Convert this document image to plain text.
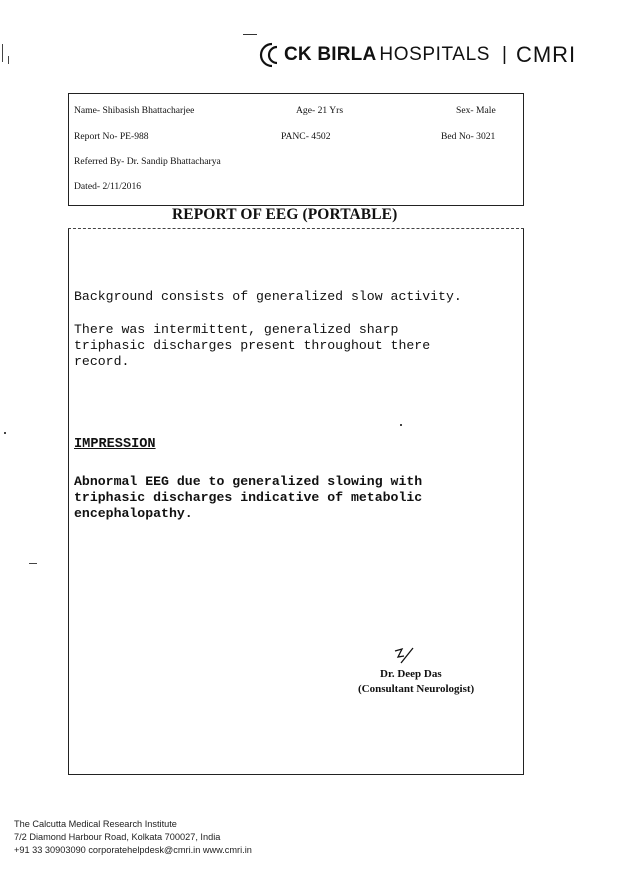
CK BIRLA HOSPITALS | CMRI
Name- Shibasish Bhattacharjee	Age- 21 Yrs	Sex- Male
Report No- PE-988	PANC- 4502	Bed No- 3021
Referred By- Dr. Sandip Bhattacharya
Dated- 2/11/2016
REPORT OF EEG (PORTABLE)
Background consists of generalized slow activity.
There was intermittent, generalized sharp
triphasic discharges present throughout there
record.
IMPRESSION
Abnormal EEG due to generalized slowing with
triphasic discharges indicative of metabolic
encephalopathy.
Dr. Deep Das
(Consultant Neurologist)
The Calcutta Medical Research Institute
7/2 Diamond Harbour Road, Kolkata 700027, India
+91 33 30903090 corporatehelpdesk@cmri.in www.cmri.in
